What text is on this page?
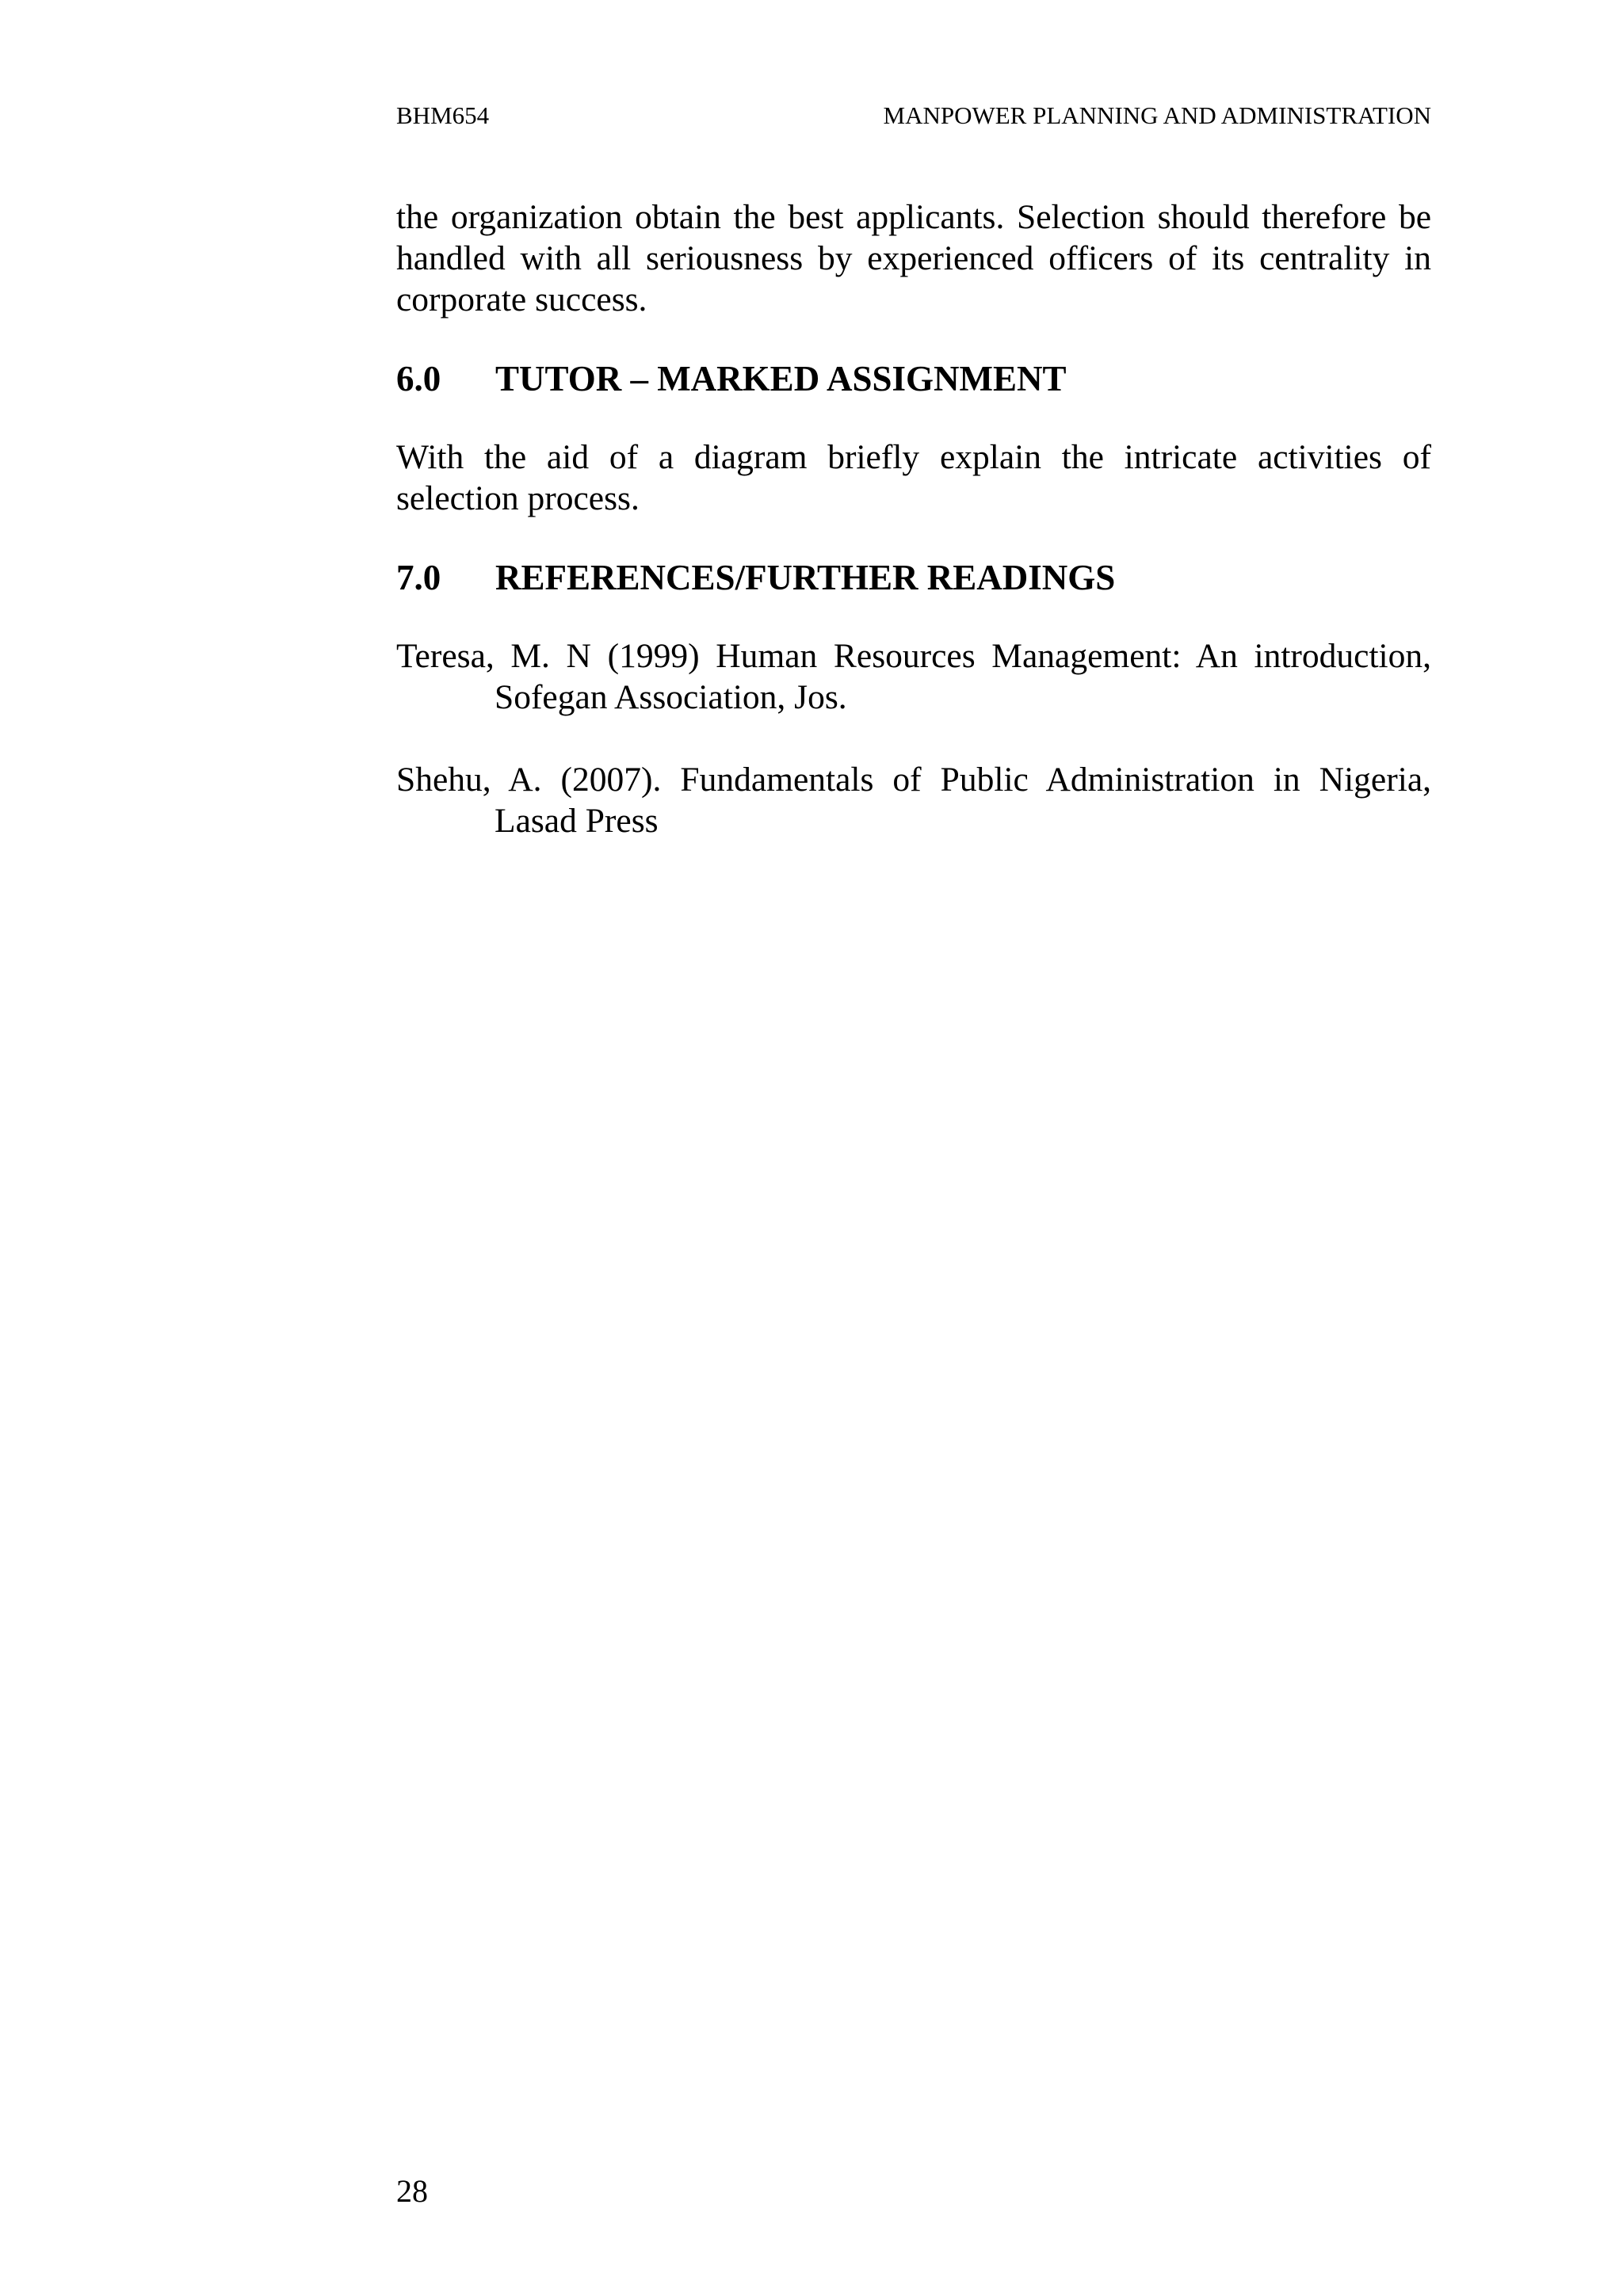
BHM654	MANPOWER PLANNING AND ADMINISTRATION

the organization obtain the best applicants. Selection should therefore be handled with all seriousness by experienced officers of its centrality in corporate success.

6.0	TUTOR – MARKED ASSIGNMENT

With the aid of a diagram briefly explain the intricate activities of selection process.

7.0	REFERENCES/FURTHER READINGS

Teresa, M. N (1999) Human Resources Management: An introduction, Sofegan Association, Jos.

Shehu, A. (2007). Fundamentals of Public Administration in Nigeria, Lasad Press

28
